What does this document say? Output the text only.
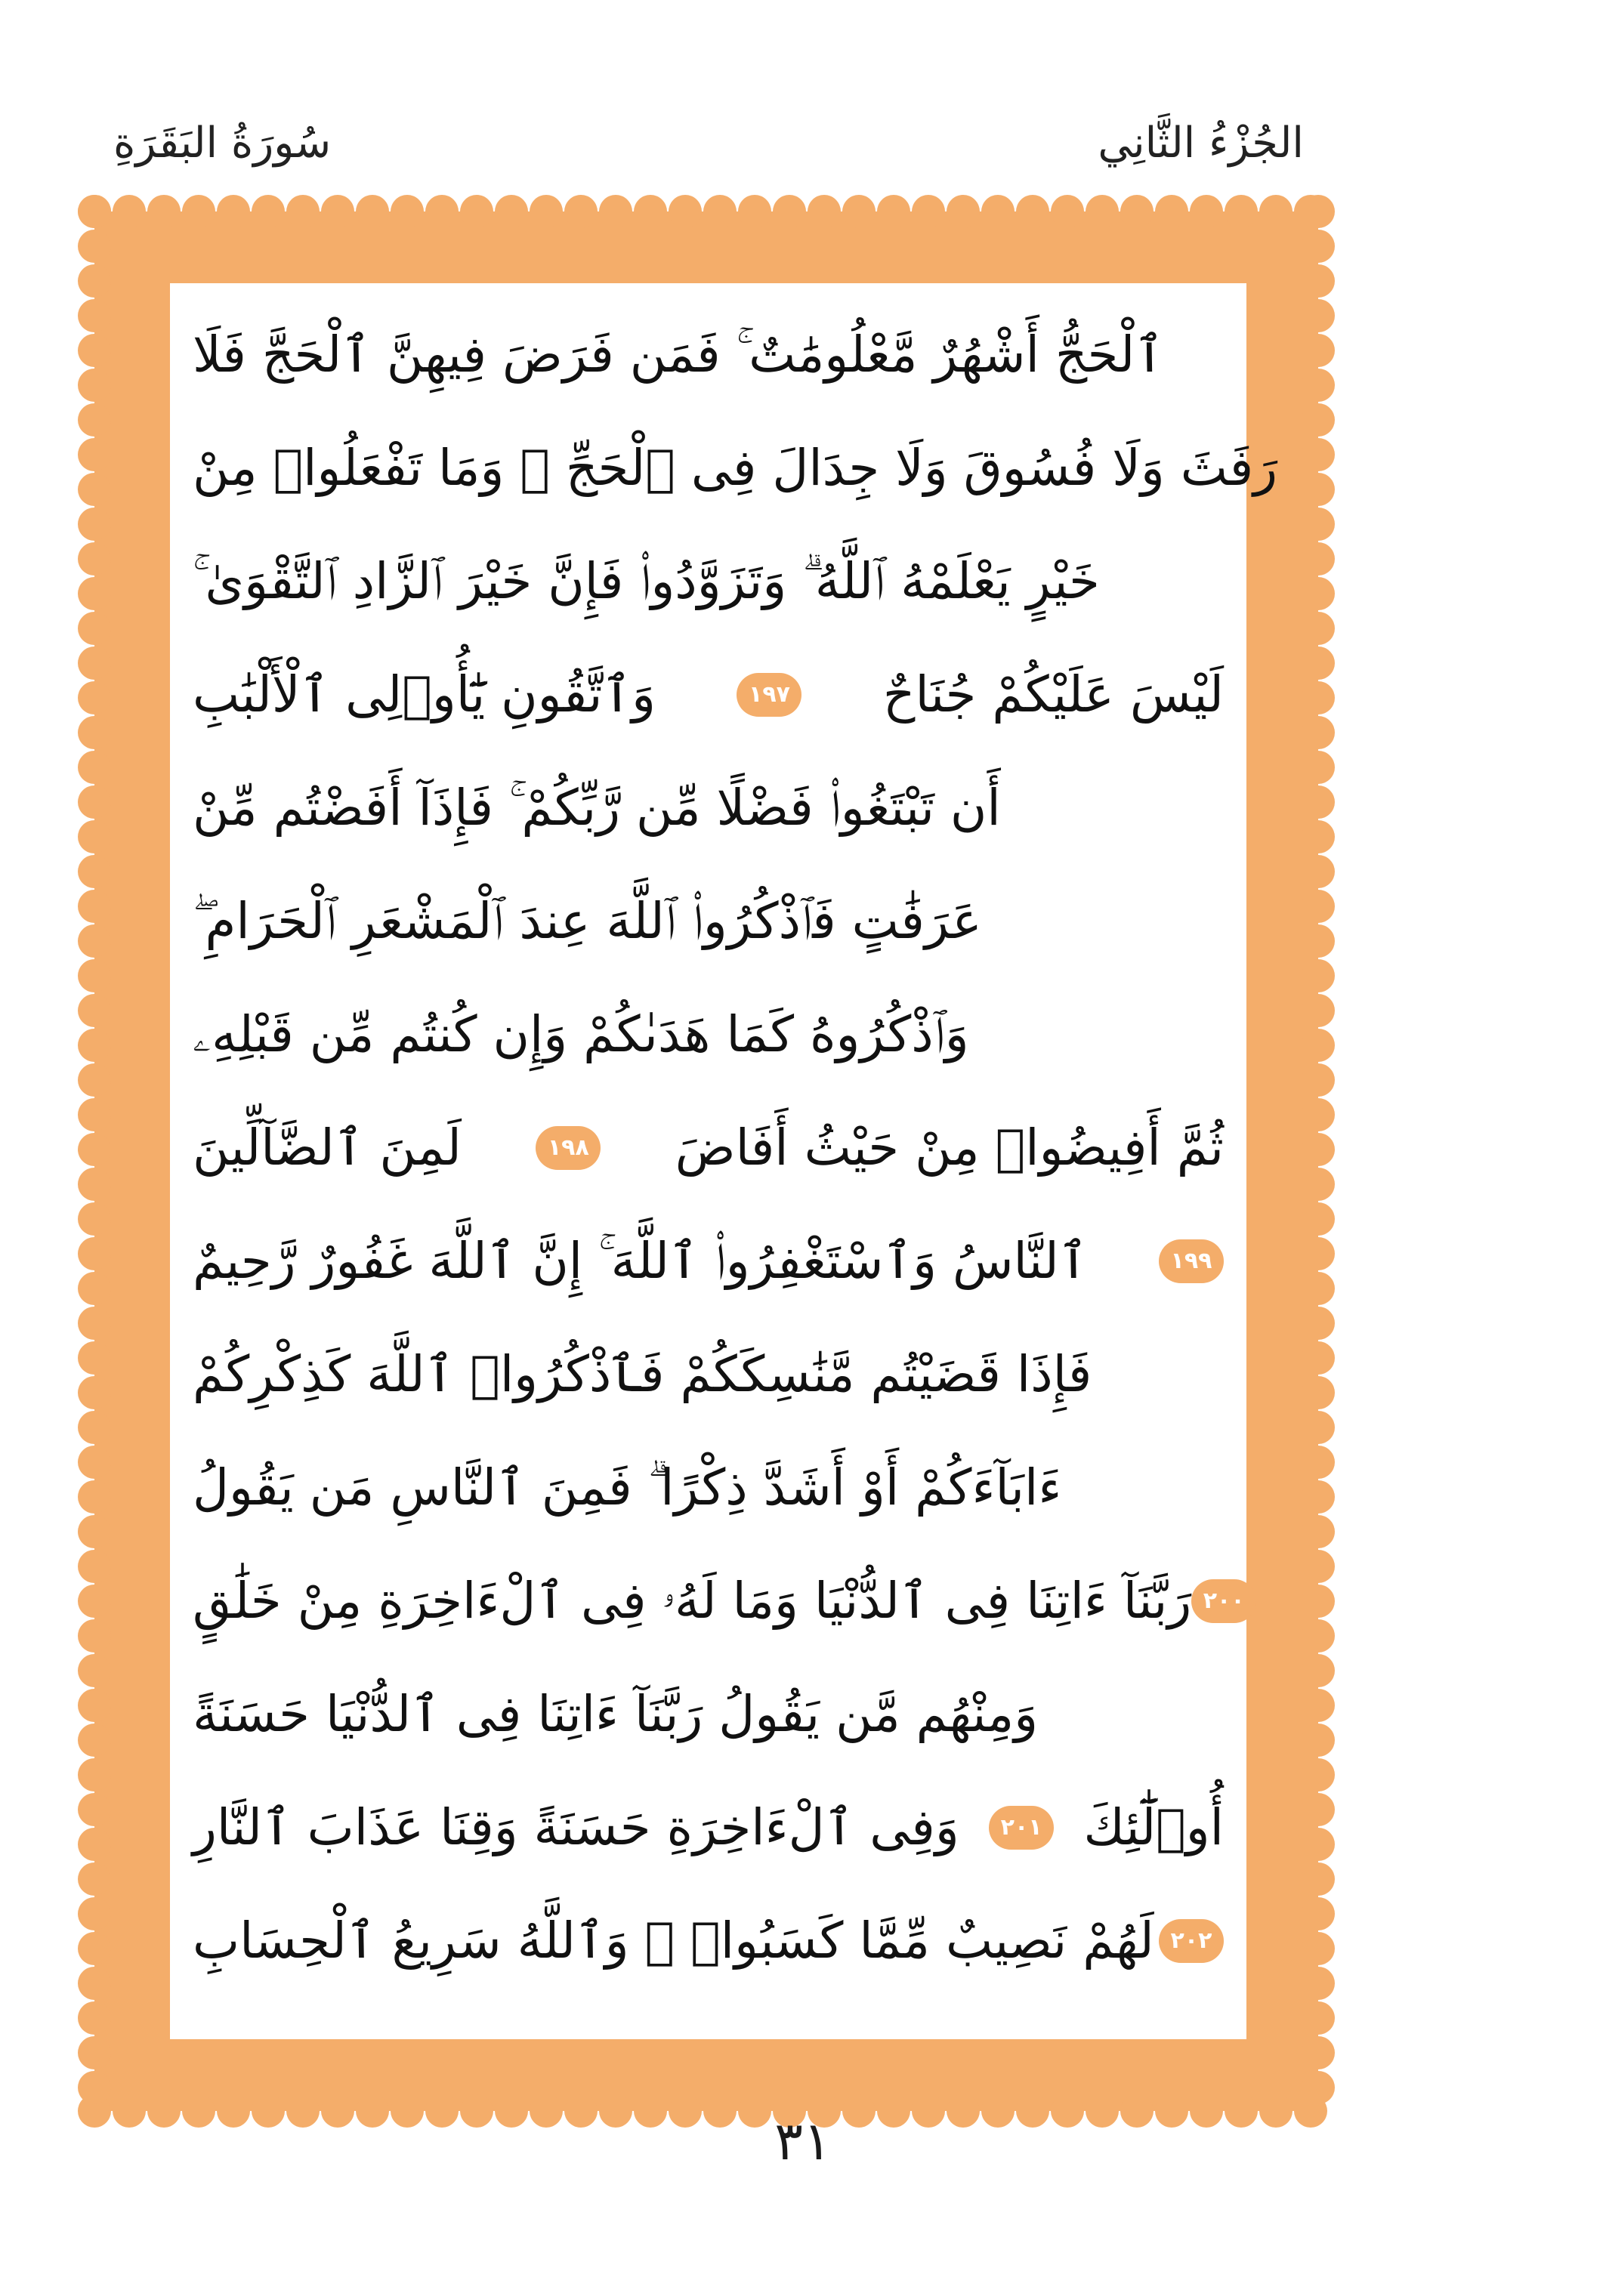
الجُزْءُ الثَّانِي
سُورَةُ البَقَرَةِ
ٱلْحَجُّ أَشْهُرٌ مَّعْلُومَٰتٌ ۚ فَمَن فَرَضَ فِيهِنَّ ٱلْحَجَّ فَلَا
رَفَثَ وَلَا فُسُوقَ وَلَا جِدَالَ فِى ٱلْحَجِّ ۗ وَمَا تَفْعَلُوا۟ مِنْ
خَيْرٍ يَعْلَمْهُ ٱللَّهُ ۗ وَتَزَوَّدُوا۟ فَإِنَّ خَيْرَ ٱلزَّادِ ٱلتَّقْوَىٰ ۚ
وَٱتَّقُونِ يَٰٓأُو۟لِى ٱلْأَلْبَٰبِ	١٩٧ لَيْسَ عَلَيْكُمْ جُنَاحٌ
أَن تَبْتَغُوا۟ فَضْلًا مِّن رَّبِّكُمْ ۚ فَإِذَآ أَفَضْتُم مِّنْ
عَرَفَٰتٍ فَٱذْكُرُوا۟ ٱللَّهَ عِندَ ٱلْمَشْعَرِ ٱلْحَرَامِ ۖ
وَٱذْكُرُوهُ كَمَا هَدَىٰكُمْ وَإِن كُنتُم مِّن قَبْلِهِۦ
لَمِنَ ٱلضَّآلِّينَ	١٩٨ ثُمَّ أَفِيضُوا۟ مِنْ حَيْثُ أَفَاضَ
ٱلنَّاسُ وَٱسْتَغْفِرُوا۟ ٱللَّهَ ۚ إِنَّ ٱللَّهَ غَفُورٌ رَّحِيمٌ	١٩٩
فَإِذَا قَضَيْتُم مَّنَٰسِكَكُمْ فَٱذْكُرُوا۟ ٱللَّهَ كَذِكْرِكُمْ
ءَابَآءَكُمْ أَوْ أَشَدَّ ذِكْرًا ۗ فَمِنَ ٱلنَّاسِ مَن يَقُولُ
رَبَّنَآ ءَاتِنَا فِى ٱلدُّنْيَا وَمَا لَهُۥ فِى ٱلْءَاخِرَةِ مِنْ خَلَٰقٍ ٢٠٠
وَمِنْهُم مَّن يَقُولُ رَبَّنَآ ءَاتِنَا فِى ٱلدُّنْيَا حَسَنَةً
وَفِى ٱلْءَاخِرَةِ حَسَنَةً وَقِنَا عَذَابَ ٱلنَّارِ	٢٠١ أُو۟لَٰٓئِكَ
لَهُمْ نَصِيبٌ مِّمَّا كَسَبُوا۟ ۚ وَٱللَّهُ سَرِيعُ ٱلْحِسَابِ ٢٠٢
٣١
